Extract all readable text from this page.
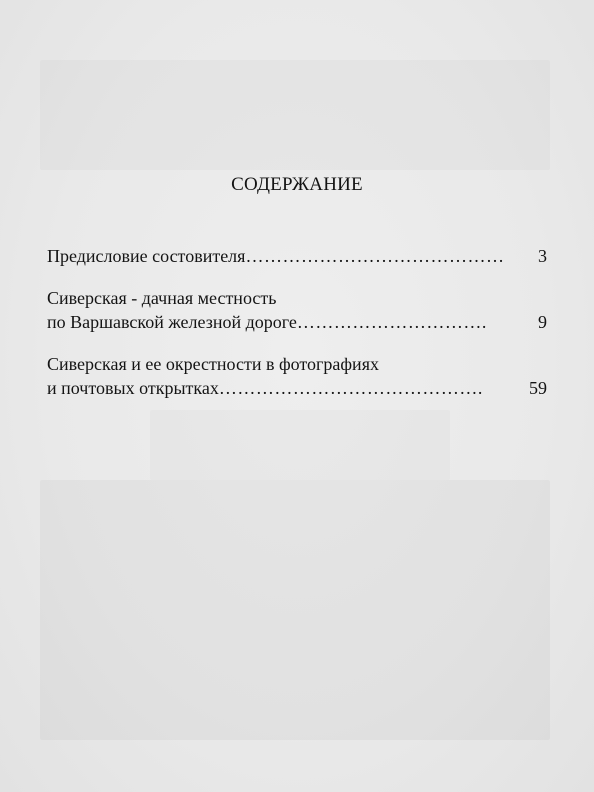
СОДЕРЖАНИЕ
Предисловие состовителя ……………………………………	3
Сиверская - дачная местность
по Варшавской железной дороге ………………………….	9
Сиверская и ее окрестности в фотографиях
и почтовых открытках …………………………………….	59
